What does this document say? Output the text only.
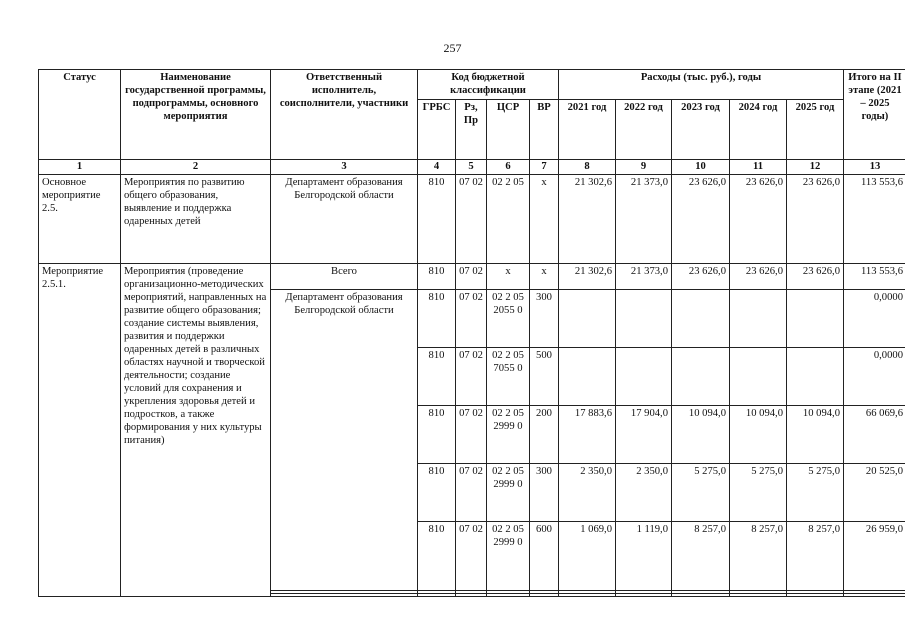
257
Статус	Наименование государственной программы, подпрограммы, основного мероприятия	Ответственный исполнитель, соисполнители, участники	Код бюджетной классификации				Расходы (тыс. руб.), годы					Итого на II этапе (2021 – 2025 годы)
			ГРБС	Рз, Пр	ЦСР	ВР	2021 год	2022 год	2023 год	2024 год	2025 год	
1	2	3	4	5	6	7	8	9	10	11	12	13
Основное мероприятие 2.5.	Мероприятия по развитию общего образования, выявление и поддержка одаренных детей	Департамент образования Белгородской области	810	07 02	02 2 05	х	21 302,6	21 373,0	23 626,0	23 626,0	23 626,0	113 553,6
Мероприятие 2.5.1.	Мероприятия (проведение организационно-методических мероприятий, направленных на развитие общего образования; создание системы выявления, развития и поддержки одаренных детей в различных областях научной и творческой деятельности; создание условий для сохранения и укрепления здоровья детей и подростков, а также формирования у них культуры питания)	Всего	810	07 02	х	х	21 302,6	21 373,0	23 626,0	23 626,0	23 626,0	113 553,6
		Департамент образования Белгородской области	810	07 02	02 2 05 2055 0	300						0,0000
			810	07 02	02 2 05 7055 0	500						0,0000
			810	07 02	02 2 05 2999 0	200	17 883,6	17 904,0	10 094,0	10 094,0	10 094,0	66 069,6
			810	07 02	02 2 05 2999 0	300	2 350,0	2 350,0	5 275,0	5 275,0	5 275,0	20 525,0
			810	07 02	02 2 05 2999 0	600	1 069,0	1 119,0	8 257,0	8 257,0	8 257,0	26 959,0
